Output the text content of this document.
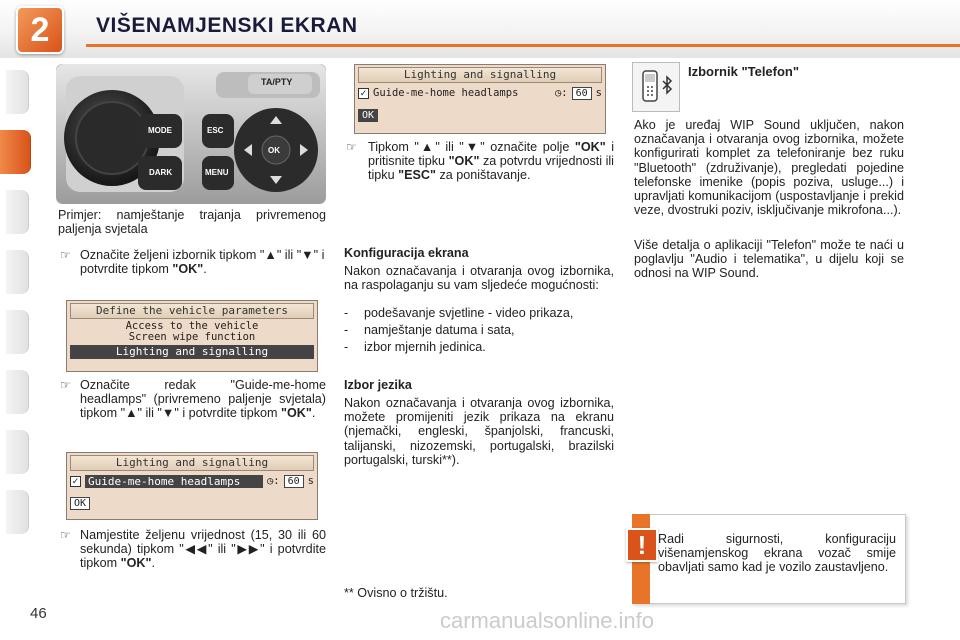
2 VIŠENAMJENSKI EKRAN
TA/PTY
MODE
DARK
ESC
MENU
OK
Primjer: namještanje trajanja privremenog paljenja svjetala
☞ Označite željeni izbornik tipkom "▲" ili "▼" i potvrdite tipkom "OK".
Define the vehicle parameters
Access to the vehicle
Screen wipe function
Lighting and signalling
☞ Označite redak "Guide-me-home headlamps" (privremeno paljenje svjetala) tipkom "▲" ili "▼" i potvrdite tipkom "OK".
Lighting and signalling
✓ Guide-me-home headlamps	◷: 60 s
OK
☞ Namjestite željenu vrijednost (15, 30 ili 60 sekunda) tipkom "◀◀" ili "▶▶" i potvrdite tipkom "OK".
Lighting and signalling
✓ Guide-me-home headlamps	◷: 60 s
OK
☞ Tipkom "▲" ili "▼" označite polje "OK" i pritisnite tipku "OK" za potvrdu vrijednosti ili tipku "ESC" za poništavanje.
Konfiguracija ekrana
Nakon označavanja i otvaranja ovog izbornika, na raspolaganju su vam sljedeće mogućnosti:
-	podešavanje svjetline - video prikaza,
-	namještanje datuma i sata,
-	izbor mjernih jedinica.
Izbor jezika
Nakon označavanja i otvaranja ovog izbornika, možete promijeniti jezik prikaza na ekranu (njemački, engleski, španjolski, francuski, talijanski, nizozemski, portugalski, brazilski portugalski, turski**).
** Ovisno o tržištu.
Izbornik "Telefon"
Ako je uređaj WIP Sound uključen, nakon označavanja i otvaranja ovog izbornika, možete konfigurirati komplet za telefoniranje bez ruku "Bluetooth" (združivanje), pregledati pojedine telefonske imenike (popis poziva, usluge...) i upravljati komunikacijom (uspostavljanje i prekid veze, dvostruki poziv, isključivanje mikrofona...).
Više detalja o aplikaciji "Telefon" može te naći u poglavlju "Audio i telematika", u dijelu koji se odnosi na WIP Sound.
! Radi sigurnosti, konfiguraciju višenamjenskog ekrana vozač smije obavljati samo kad je vozilo zaustavljeno.
46	carmanualsonline.info
